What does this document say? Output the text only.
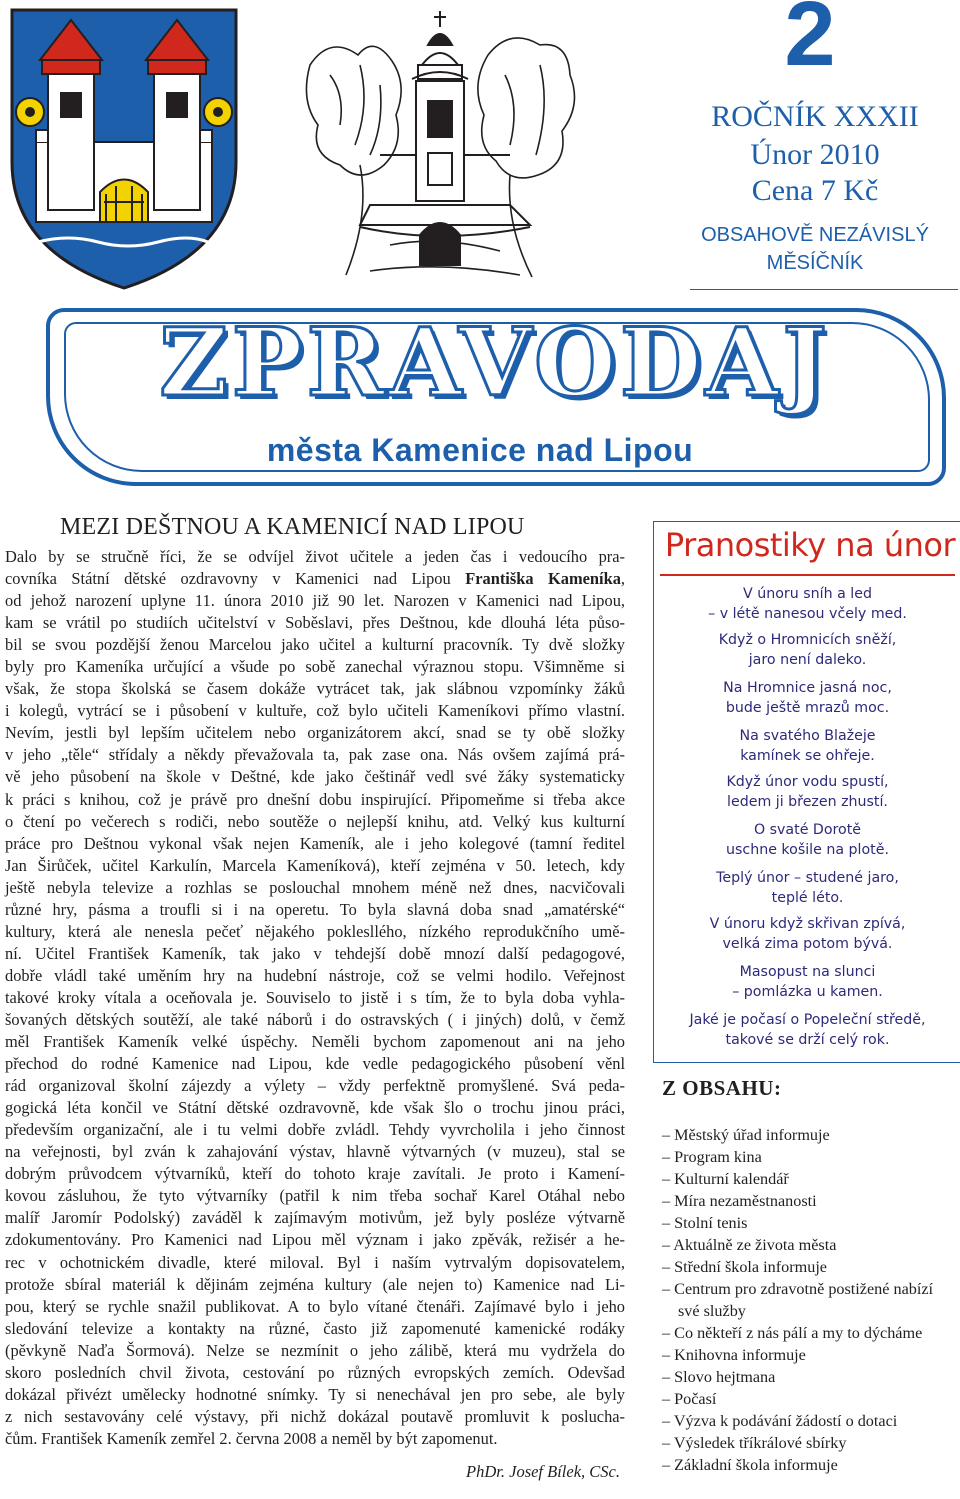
2
ROČNÍK XXXII
Únor 2010
Cena 7 Kč
OBSAHOVĚ NEZÁVISLÝ
MĚSÍČNÍK
ZPRAVODAJ
města Kamenice nad Lipou
MEZI DEŠTNOU A KAMENICÍ NAD LIPOU
Dalo by se stručně říci, že se odvíjel život učitele a jeden čas i vedoucího pra-
covníka Státní dětské ozdravovny v Kamenici nad Lipou Františka Kameníka,
od jehož narození uplyne 11. února 2010 již 90 let. Narozen v Kamenici nad Lipou,
kam se vrátil po studiích učitelství v Soběslavi, přes Deštnou, kde dlouhá léta půso-
bil se svou pozdější ženou Marcelou jako učitel a kulturní pracovník. Ty dvě složky
byly pro Kameníka určující a všude po sobě zanechal výraznou stopu. Všimněme si
však, že stopa školská se časem dokáže vytrácet tak, jak slábnou vzpomínky žáků
i kolegů, vytrácí se i působení v kultuře, což bylo učiteli Kameníkovi přímo vlastní.
Nevím, jestli byl lepším učitelem nebo organizátorem akcí, snad se ty obě složky
v jeho „těle“ střídaly a někdy převažovala ta, pak zase ona. Nás ovšem zajímá prá-
vě jeho působení na škole v Deštné, kde jako češtinář vedl své žáky systematicky
k práci s knihou, což je právě pro dnešní dobu inspirující. Připomeňme si třeba akce
o čtení po večerech s rodiči, nebo soutěže o nejlepší knihu, atd. Velký kus kulturní
práce pro Deštnou vykonal však nejen Kameník, ale i jeho kolegové (tamní ředitel
Jan Širůček, učitel Karkulín, Marcela Kameníková), kteří zejména v 50. letech, kdy
ještě nebyla televize a rozhlas se poslouchal mnohem méně než dnes, nacvičovali
různé hry, pásma a troufli si i na operetu. To byla slavná doba snad „amatérské“
kultury, která ale nenesla pečeť nějakého poklesllého, nízkého reprodukčního umě-
ní. Učitel František Kameník, tak jako v tehdejší době mnozí další pedagogové,
dobře vládl také uměním hry na hudební nástroje, což se velmi hodilo. Veřejnost
takové kroky vítala a oceňovala je. Souviselo to jistě i s tím, že to byla doba vyhla-
šovaných dětských soutěží, ale také náborů i do ostravských ( i jiných) dolů, v čemž
měl František Kameník velké úspěchy. Neměli bychom zapomenout ani na jeho
přechod do rodné Kamenice nad Lipou, kde vedle pedagogického působení věnl
rád organizoval školní zájezdy a výlety – vždy perfektně promyšlené. Svá peda-
gogická léta končil ve Státní dětské ozdravovně, kde však šlo o trochu jinou práci,
především organizační, ale i tu velmi dobře zvládl. Tehdy vyvrcholila i jeho činnost
na veřejnosti, byl zván k zahajování výstav, hlavně výtvarných (v muzeu), stal se
dobrým průvodcem výtvarníků, kteří do tohoto kraje zavítali. Je proto i Kamení-
kovou zásluhou, že tyto výtvarníky (patřil k nim třeba sochař Karel Otáhal nebo
malíř Jaromír Podolský) zaváděl k zajímavým motivům, jež byly posléze výtvarně
zdokumentovány. Pro Kamenici nad Lipou měl význam i jako zpěvák, režisér a he-
rec v ochotnickém divadle, které miloval. Byl i naším vytrvalým dopisovatelem,
protože sbíral materiál k dějinám zejména kultury (ale nejen to) Kamenice nad Li-
pou, který se rychle snažil publikovat. A to bylo vítané čtenáři. Zajímavé bylo i jeho
sledování televize a kontakty na různé, často již zapomenuté kamenické rodáky
(pěvkyně Naďa Šormová). Nelze se nezmínit o jeho zálibě, která mu vydržela do
skoro posledních chvil života, cestování po různých evropských zemích. Odevšad
dokázal přivézt umělecky hodnotné snímky. Ty si nenechával jen pro sebe, ale byly
z nich sestavovány celé výstavy, při nichž dokázal poutavě promluvit k posluchа-
čům. František Kameník zemřel 2. června 2008 a neměl by být zapomenut.
PhDr. Josef Bílek, CSc.
Pranostiky na únor
V únoru sníh a led
– v létě nanesou včely med.
Když o Hromnicích sněží,
jaro není daleko.
Na Hromnice jasná noc,
bude ještě mrazů moc.
Na svatého Blažeje
kamínek se ohřeje.
Když únor vodu spustí,
ledem ji březen zhustí.
O svaté Dorotě
uschne košile na plotě.
Teplý únor – studené jaro,
teplé léto.
V únoru když skřivan zpívá,
velká zima potom bývá.
Masopust na slunci
– pomlázka u kamen.
Jaké je počasí o Popeleční středě,
takové se drží celý rok.
Z OBSAHU:
– Městský úřad informuje
– Program kina
– Kulturní kalendář
– Míra nezaměstnanosti
– Stolní tenis
– Aktuálně ze života města
– Střední škola informuje
– Centrum pro zdravotně postižené nabízí své služby
– Co někteří z nás pálí a my to dýcháme
– Knihovna informuje
– Slovo hejtmana
– Počasí
– Výzva k podávání žádostí o dotaci
– Výsledek tříkrálové sbírky
– Základní škola informuje
